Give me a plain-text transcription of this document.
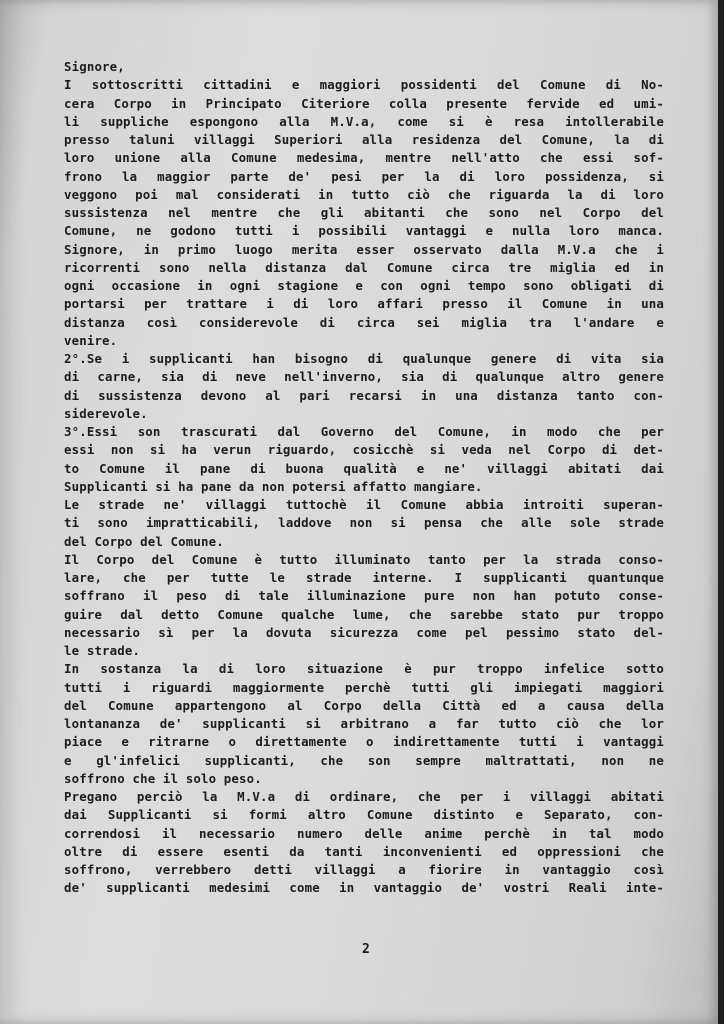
Signore,
I sottoscritti cittadini e maggiori possidenti del Comune di No-
cera Corpo in Principato Citeriore colla presente fervide ed umi-
li suppliche espongono alla M.V.a, come si è resa intollerabile
presso taluni villaggi Superiori alla residenza del Comune, la di
loro unione alla Comune medesima, mentre nell'atto che essi sof-
frono la maggior parte de' pesi per la di loro possidenza, si
veggono poi mal considerati in tutto ciò che riguarda la di loro
sussistenza nel mentre che gli abitanti che sono nel Corpo del
Comune, ne godono tutti i possibili vantaggi e nulla loro manca.
Signore, in primo luogo merita esser osservato dalla M.V.a che i
ricorrenti sono nella distanza dal Comune circa tre miglia ed in
ogni occasione in ogni stagione e con ogni tempo sono obligati di
portarsi per trattare i di loro affari presso il Comune in una
distanza così considerevole di circa sei miglia tra l'andare e
venire.
2°.Se i supplicanti han bisogno di qualunque genere di vita sia
di carne, sia di neve nell'inverno, sia di qualunque altro genere
di sussistenza devono al pari recarsi in una distanza tanto con-
siderevole.
3°.Essi son trascurati dal Governo del Comune, in modo che per
essi non si ha verun riguardo, cosicchè si veda nel Corpo di det-
to Comune il pane di buona qualità e ne' villaggi abitati dai
Supplicanti si ha pane da non potersi affatto mangiare.
Le strade ne' villaggi tuttochè il Comune abbia introiti superan-
ti sono impratticabili, laddove non si pensa che alle sole strade
del Corpo del Comune.
Il Corpo del Comune è tutto illuminato tanto per la strada conso-
lare, che per tutte le strade interne. I supplicanti quantunque
soffrano il peso di tale illuminazione pure non han potuto conse-
guire dal detto Comune qualche lume, che sarebbe stato pur troppo
necessario sì per la dovuta sicurezza come pel pessimo stato del-
le strade.
In sostanza la di loro situazione è pur troppo infelice sotto
tutti i riguardi maggiormente perchè tutti gli impiegati maggiori
del Comune appartengono al Corpo della Città ed a causa della
lontananza de' supplicanti si arbitrano a far tutto ciò che lor
piace e ritrarne o direttamente o indirettamente tutti i vantaggi
e gl'infelici supplicanti, che son sempre maltrattati, non ne
soffrono che il solo peso.
Pregano perciò la M.V.a di ordinare, che per i villaggi abitati
dai Supplicanti si formi altro Comune distinto e Separato, con-
correndosi il necessario numero delle anime perchè in tal modo
oltre di essere esenti da tanti inconvenienti ed oppressioni che
soffrono, verrebbero detti villaggi a fiorire in vantaggio così
de' supplicanti medesimi come in vantaggio de' vostri Reali inte-
2
